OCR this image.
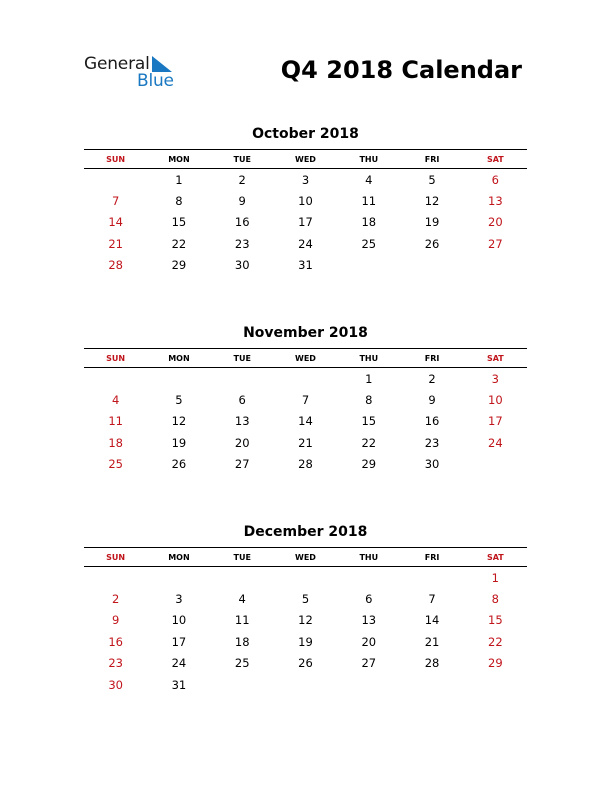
General
Blue	Q4 2018 Calendar
October 2018
SUN	MON	TUE	WED	THU	FRI	SAT
	1	2	3	4	5	6
7	8	9	10	11	12	13
14	15	16	17	18	19	20
21	22	23	24	25	26	27
28	29	30	31			
November 2018
SUN	MON	TUE	WED	THU	FRI	SAT
				1	2	3
4	5	6	7	8	9	10
11	12	13	14	15	16	17
18	19	20	21	22	23	24
25	26	27	28	29	30	
December 2018
SUN	MON	TUE	WED	THU	FRI	SAT
						1
2	3	4	5	6	7	8
9	10	11	12	13	14	15
16	17	18	19	20	21	22
23	24	25	26	27	28	29
30	31					
